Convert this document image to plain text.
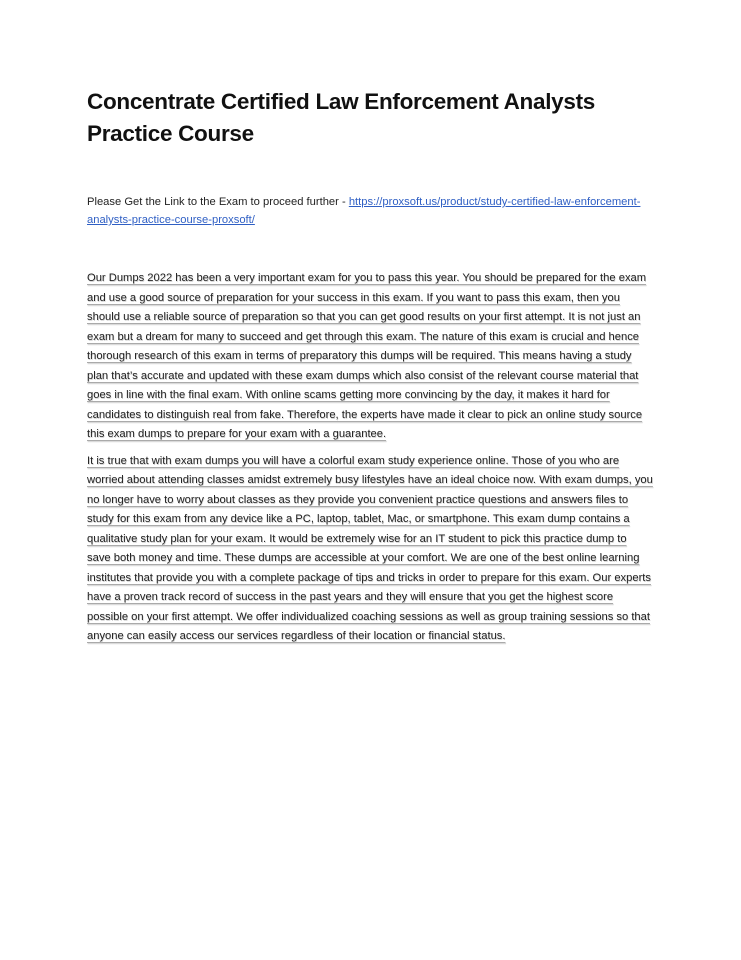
Concentrate Certified Law Enforcement Analysts Practice Course
Please Get the Link to the Exam to proceed further - https://proxsoft.us/product/study-certified-law-enforcement-analysts-practice-course-proxsoft/

Our Dumps 2022 has been a very important exam for you to pass this year. You should be prepared for the exam and use a good source of preparation for your success in this exam. If you want to pass this exam, then you should use a reliable source of preparation so that you can get good results on your first attempt. It is not just an exam but a dream for many to succeed and get through this exam. The nature of this exam is crucial and hence thorough research of this exam in terms of preparatory this dumps will be required. This means having a study plan that’s accurate and updated with these exam dumps which also consist of the relevant course material that goes in line with the final exam. With online scams getting more convincing by the day, it makes it hard for candidates to distinguish real from fake. Therefore, the experts have made it clear to pick an online study source this exam dumps to prepare for your exam with a guarantee.

It is true that with exam dumps you will have a colorful exam study experience online. Those of you who are worried about attending classes amidst extremely busy lifestyles have an ideal choice now. With exam dumps, you no longer have to worry about classes as they provide you convenient practice questions and answers files to study for this exam from any device like a PC, laptop, tablet, Mac, or smartphone. This exam dump contains a qualitative study plan for your exam. It would be extremely wise for an IT student to pick this practice dump to save both money and time. These dumps are accessible at your comfort. We are one of the best online learning institutes that provide you with a complete package of tips and tricks in order to prepare for this exam. Our experts have a proven track record of success in the past years and they will ensure that you get the highest score possible on your first attempt. We offer individualized coaching sessions as well as group training sessions so that anyone can easily access our services regardless of their location or financial status.
